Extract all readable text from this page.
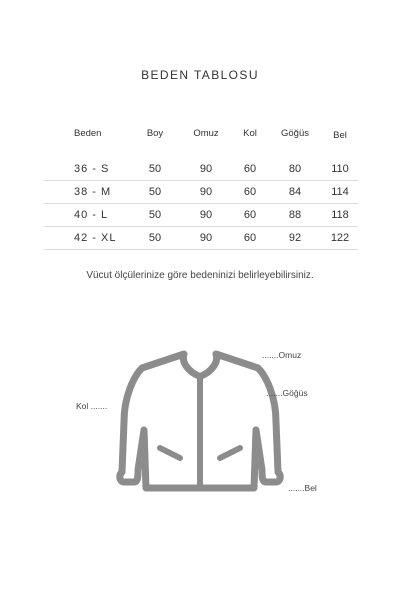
BEDEN TABLOSU
Beden	Boy	Omuz	Kol	Göğüs	Bel
36 - S	50	90	60	80	110
38 - M	50	90	60	84	114
40 - L	50	90	60	88	118
42 - XL	50	90	60	92	122
Vücut ölçülerinize göre bedeninizi belirleyebilirsiniz.
.......Omuz
.......Göğüs
Kol .......
.......Bel
